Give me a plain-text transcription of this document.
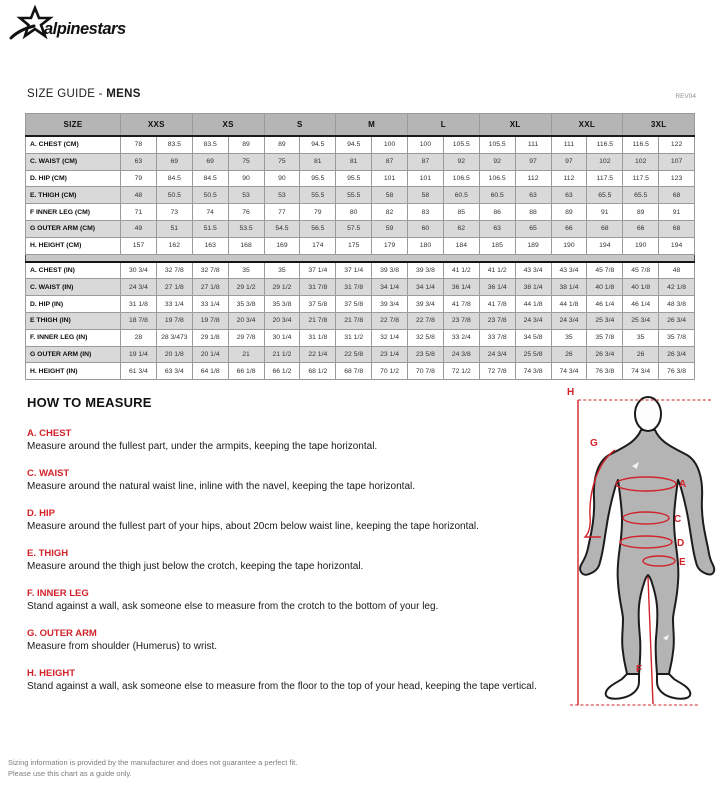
alpinestars
SIZE GUIDE - MENS	REV04
SIZE	XXS		XS		S		M		L		XL		XXL		3XL	
A. CHEST (CM)	78	83.5	83.5	89	89	94.5	94.5	100	100	105.5	105.5	111	111	116.5	116.5	122
C. WAIST (CM)	63	69	69	75	75	81	81	87	87	92	92	97	97	102	102	107
D. HIP (CM)	79	84.5	84.5	90	90	95.5	95.5	101	101	106.5	106.5	112	112	117.5	117.5	123
E. THIGH (CM)	48	50.5	50.5	53	53	55.5	55.5	58	58	60.5	60.5	63	63	65.5	65.5	68
F INNER LEG (CM)	71	73	74	76	77	79	80	82	83	85	86	88	89	91	89	91
G OUTER ARM (CM)	49	51	51.5	53.5	54.5	56.5	57.5	59	60	62	63	65	66	68	66	68
H. HEIGHT (CM)	157	162	163	168	169	174	175	179	180	184	185	189	190	194	190	194

A. CHEST (IN)	30 3/4	32 7/8	32 7/8	35	35	37 1/4	37 1/4	39 3/8	39 3/8	41 1/2	41 1/2	43 3/4	43 3/4	45 7/8	45 7/8	48
C. WAIST (IN)	24 3/4	27 1/8	27 1/8	29 1/2	29 1/2	31 7/8	31 7/8	34 1/4	34 1/4	36 1/4	36 1/4	38 1/4	38 1/4	40 1/8	40 1/8	42 1/8
D. HIP (IN)	31 1/8	33 1/4	33 1/4	35 3/8	35 3/8	37 5/8	37 5/8	39 3/4	39 3/4	41 7/8	41 7/8	44 1/8	44 1/8	46 1/4	46 1/4	48 3/8
E THIGH (IN)	18 7/8	19 7/8	19 7/8	20 3/4	20 3/4	21 7/8	21 7/8	22 7/8	22 7/8	23 7/8	23 7/8	24 3/4	24 3/4	25 3/4	25 3/4	26 3/4
F. INNER LEG (IN)	28	28 3/473	29 1/8	29 7/8	30 1/4	31 1/8	31 1/2	32 1/4	32 5/8	33 2/4	33 7/8	34 5/8	35	35 7/8	35	35 7/8
G OUTER ARM (IN)	19 1/4	20 1/8	20 1/4	21	21 1/2	22 1/4	22 5/8	23 1/4	23 5/8	24 3/8	24 3/4	25 5/8	26	26 3/4	26	26 3/4
H. HEIGHT (IN)	61 3/4	63 3/4	64 1/8	66 1/8	66 1/2	68 1/2	68 7/8	70 1/2	70 7/8	72 1/2	72 7/8	74 3/8	74 3/4	76 3/8	74 3/4	76 3/8
HOW TO MEASURE
A. CHEST
Measure around the fullest part, under the armpits, keeping the tape horizontal.
C. WAIST
Measure around the natural waist line, inline with the navel, keeping the tape horizontal.
D. HIP
Measure around the fullest part of your hips, about 20cm below waist line, keeping the tape horizontal.
E. THIGH
Measure around the thigh just below the crotch, keeping the tape horizontal.
F. INNER LEG
Stand against a wall, ask someone else to measure from the crotch to the bottom of your leg.
G. OUTER ARM
Measure from shoulder (Humerus) to wrist.
H. HEIGHT
Stand against a wall, ask someone else to measure from the floor to the top of your head, keeping the tape vertical.
H
G
A
C
D
E
F
Sizing information is provided by the manufacturer and does not guarantee a perfect fit.
Please use this chart as a guide only.
